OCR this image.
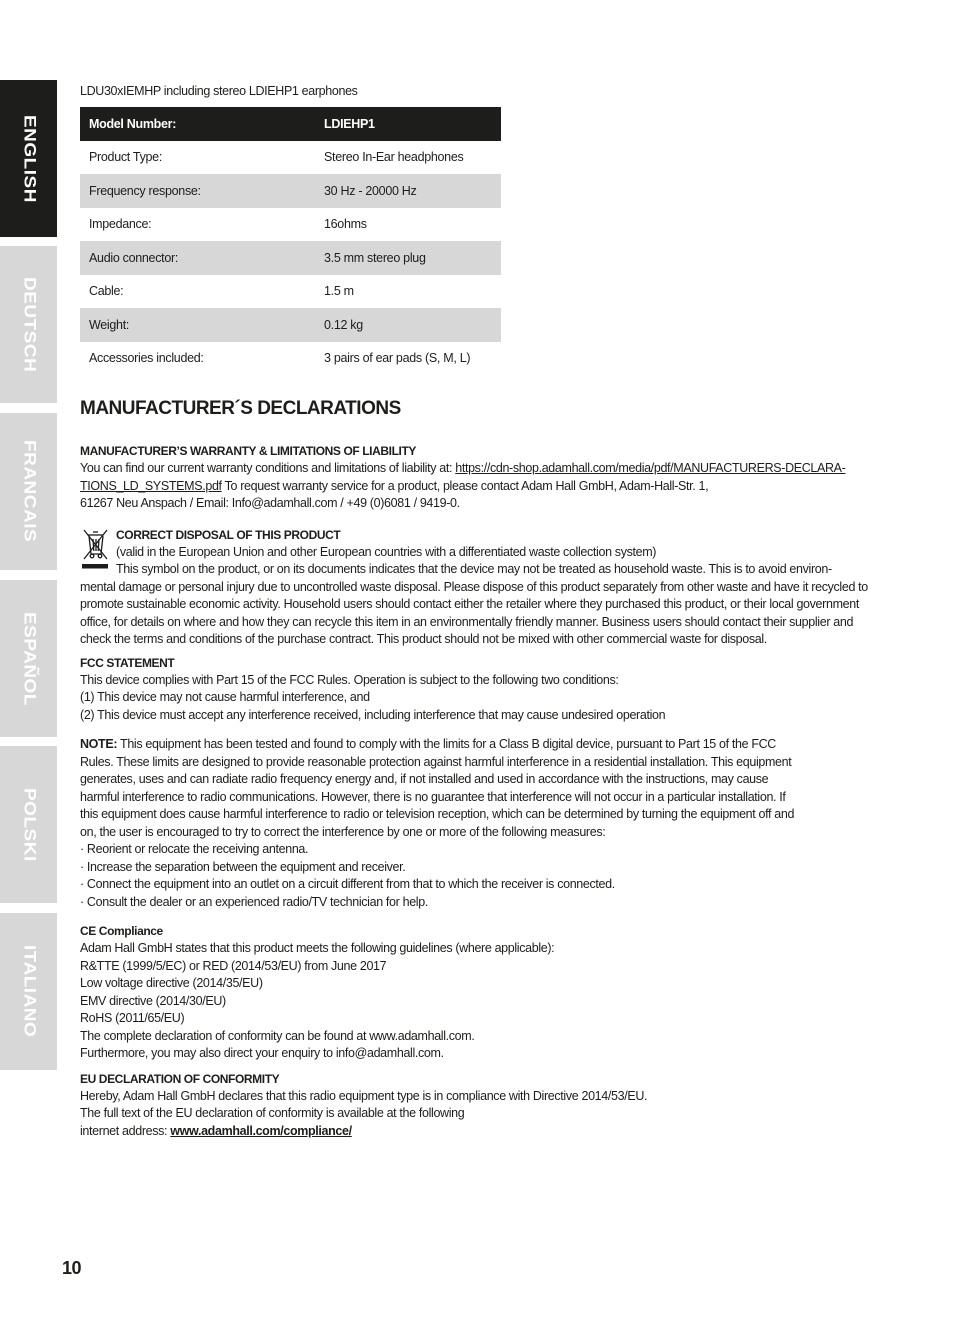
ENGLISH
DEUTSCH
FRANCAIS
ESPAÑOL
POLSKI
ITALIANO
LDU30xIEMHP including stereo LDIEHP1 earphones
Model Number:	LDIEHP1
Product Type:	Stereo In-Ear headphones
Frequency response:	30 Hz - 20000 Hz
Impedance:	16ohms
Audio connector:	3.5 mm stereo plug
Cable:	1.5 m
Weight:	0.12 kg
Accessories included:	3 pairs of ear pads (S, M, L)
MANUFACTURER´S DECLARATIONS
MANUFACTURER’S WARRANTY & LIMITATIONS OF LIABILITY

You can find our current warranty conditions and limitations of liability at: https://cdn-shop.adamhall.com/media/pdf/MANUFACTURERS-DECLARA-TIONS_LD_SYSTEMS.pdf To request warranty service for a product, please contact Adam Hall GmbH, Adam-Hall-Str. 1,

61267 Neu Anspach / Email: Info@adamhall.com / +49 (0)6081 / 9419-0.

CORRECT DISPOSAL OF THIS PRODUCT

(valid in the European Union and other European countries with a differentiated waste collection system)

This symbol on the product, or on its documents indicates that the device may not be treated as household waste. This is to avoid environ-

mental damage or personal injury due to uncontrolled waste disposal. Please dispose of this product separately from other waste and have it recycled to promote sustainable economic activity. Household users should contact either the retailer where they purchased this product, or their local government office, for details on where and how they can recycle this item in an environmentally friendly manner. Business users should contact their supplier and check the terms and conditions of the purchase contract. This product should not be mixed with other commercial waste for disposal.

FCC STATEMENT

This device complies with Part 15 of the FCC Rules. Operation is subject to the following two conditions:

(1) This device may not cause harmful interference, and

(2) This device must accept any interference received, including interference that may cause undesired operation

NOTE: This equipment has been tested and found to comply with the limits for a Class B digital device, pursuant to Part 15 of the FCC

Rules. These limits are designed to provide reasonable protection against harmful interference in a residential installation. This equipment

generates, uses and can radiate radio frequency energy and, if not installed and used in accordance with the instructions, may cause

harmful interference to radio communications. However, there is no guarantee that interference will not occur in a particular installation. If

this equipment does cause harmful interference to radio or television reception, which can be determined by turning the equipment off and

on, the user is encouraged to try to correct the interference by one or more of the following measures:

· Reorient or relocate the receiving antenna.

· Increase the separation between the equipment and receiver.

· Connect the equipment into an outlet on a circuit different from that to which the receiver is connected.

· Consult the dealer or an experienced radio/TV technician for help.

CE Compliance

Adam Hall GmbH states that this product meets the following guidelines (where applicable):

R&TTE (1999/5/EC) or RED (2014/53/EU) from June 2017

Low voltage directive (2014/35/EU)

EMV directive (2014/30/EU)

RoHS (2011/65/EU)

The complete declaration of conformity can be found at www.adamhall.com.

Furthermore, you may also direct your enquiry to info@adamhall.com.

EU DECLARATION OF CONFORMITY

Hereby, Adam Hall GmbH declares that this radio equipment type is in compliance with Directive 2014/53/EU.

The full text of the EU declaration of conformity is available at the following

internet address: www.adamhall.com/compliance/

10
